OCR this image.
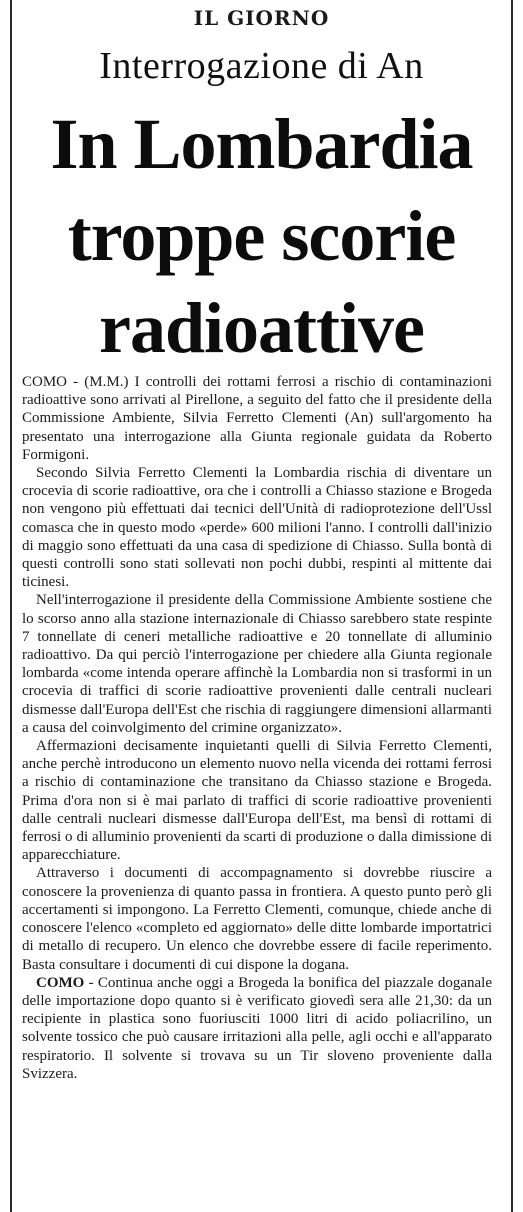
IL GIORNO
Interrogazione di An
In Lombardia
troppe scorie
radioattive

COMO - (M.M.) I controlli dei rottami ferrosi a rischio di contaminazioni radioattive sono arrivati al Pirellone, a seguito del fatto che il presidente della Commissione Ambiente, Silvia Ferretto Clementi (An) sull'argomento ha presentato una interrogazione alla Giunta regionale guidata da Roberto Formigoni.

Secondo Silvia Ferretto Clementi la Lombardia rischia di diventare un crocevia di scorie radioattive, ora che i controlli a Chiasso stazione e Brogeda non vengono più effettuati dai tecnici dell'Unità di radioprotezione dell'Ussl comasca che in questo modo «perde» 600 milioni l'anno. I controlli dall'inizio di maggio sono effettuati da una casa di spedizione di Chiasso. Sulla bontà di questi controlli sono stati sollevati non pochi dubbi, respinti al mittente dai ticinesi.

Nell'interrogazione il presidente della Commissione Ambiente sostiene che lo scorso anno alla stazione internazionale di Chiasso sarebbero state respinte 7 tonnellate di ceneri metalliche radioattive e 20 tonnellate di alluminio radioattivo. Da qui perciò l'interrogazione per chiedere alla Giunta regionale lombarda «come intenda operare affinchè la Lombardia non si trasformi in un crocevia di traffici di scorie radioattive provenienti dalle centrali nucleari dismesse dall'Europa dell'Est che rischia di raggiungere dimensioni allarmanti a causa del coinvolgimento del crimine organizzato».

Affermazioni decisamente inquietanti quelli di Silvia Ferretto Clementi, anche perchè introducono un elemento nuovo nella vicenda dei rottami ferrosi a rischio di contaminazione che transitano da Chiasso stazione e Brogeda. Prima d'ora non si è mai parlato di traffici di scorie radioattive provenienti dalle centrali nucleari dismesse dall'Europa dell'Est, ma bensì di rottami di ferrosi o di alluminio provenienti da scarti di produzione o dalla dimissione di apparecchiature.

Attraverso i documenti di accompagnamento si dovrebbe riuscire a conoscere la provenienza di quanto passa in frontiera. A questo punto però gli accertamenti si impongono. La Ferretto Clementi, comunque, chiede anche di conoscere l'elenco «completo ed aggiornato» delle ditte lombarde importatrici di metallo di recupero. Un elenco che dovrebbe essere di facile reperimento. Basta consultare i documenti di cui dispone la dogana.

COMO - Continua anche oggi a Brogeda la bonifica del piazzale doganale delle importazione dopo quanto si è verificato giovedì sera alle 21,30: da un recipiente in plastica sono fuoriusciti 1000 litri di acido poliacrilino, un solvente tossico che può causare irritazioni alla pelle, agli occhi e all'apparato respiratorio. Il solvente si trovava su un Tir sloveno proveniente dalla Svizzera.
